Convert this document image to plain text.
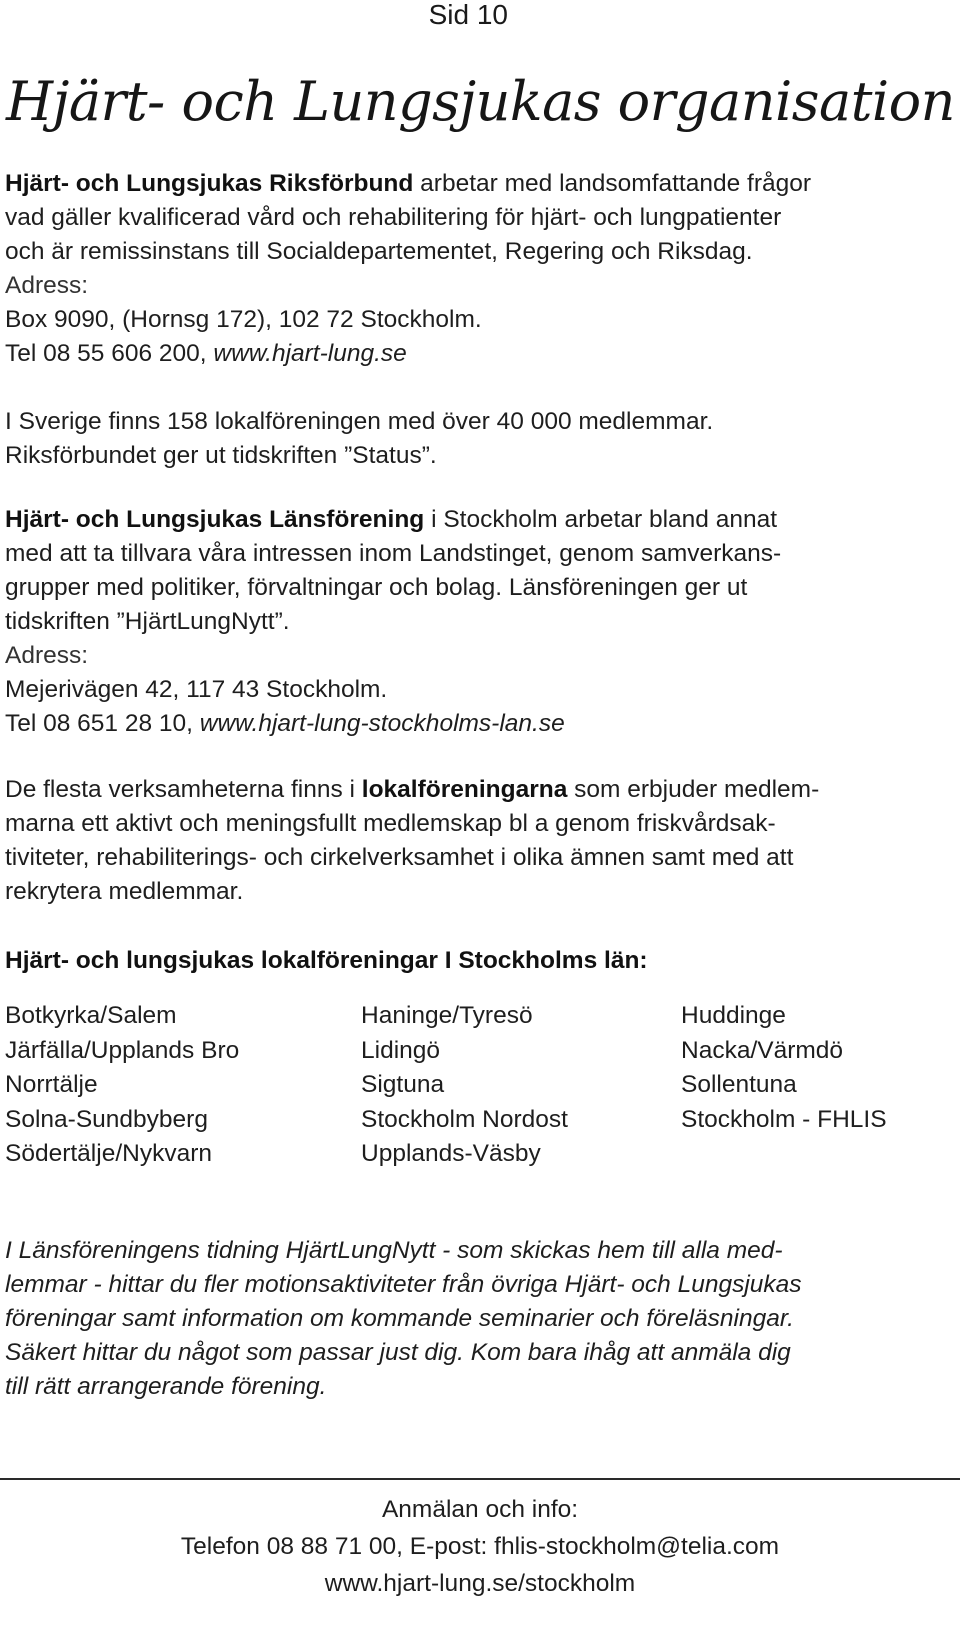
Sid 10
Hjärt- och Lungsjukas organisation
Hjärt- och Lungsjukas Riksförbund arbetar med landsomfattande frågor
vad gäller kvalificerad vård och rehabilitering för hjärt- och lungpatienter
och är remissinstans till Socialdepartementet, Regering och Riksdag.
Adress:
Box 9090, (Hornsg 172), 102 72 Stockholm.
Tel 08 55 606 200, www.hjart-lung.se
I Sverige finns 158 lokalföreningen med över 40 000 medlemmar.
Riksförbundet ger ut tidskriften ”Status”.
Hjärt- och Lungsjukas Länsförening i Stockholm arbetar bland annat
med att ta tillvara våra intressen inom Landstinget, genom samverkans-
grupper med politiker, förvaltningar och bolag. Länsföreningen ger ut
tidskriften ”HjärtLungNytt”.
Adress:
Mejerivägen 42, 117 43 Stockholm.
Tel 08 651 28 10, www.hjart-lung-stockholms-lan.se
De flesta verksamheterna finns i lokalföreningarna som erbjuder medlem-
marna ett aktivt och meningsfullt medlemskap bl a genom friskvårdsak-
tiviteter, rehabiliterings- och cirkelverksamhet i olika ämnen samt med att
rekrytera medlemmar.
Hjärt- och lungsjukas lokalföreningar I Stockholms län:
Botkyrka/Salem
Järfälla/Upplands Bro
Norrtälje
Solna-Sundbyberg
Södertälje/Nykvarn
Haninge/Tyresö
Lidingö
Sigtuna
Stockholm Nordost
Upplands-Väsby
Huddinge
Nacka/Värmdö
Sollentuna
Stockholm - FHLIS
I Länsföreningens tidning HjärtLungNytt - som skickas hem till alla med-
lemmar - hittar du fler motionsaktiviteter från övriga Hjärt- och Lungsjukas
föreningar samt information om kommande seminarier och föreläsningar.
Säkert hittar du något som passar just dig. Kom bara ihåg att anmäla dig
till rätt arrangerande förening.
Anmälan och info:
Telefon 08 88 71 00, E-post: fhlis-stockholm@telia.com
www.hjart-lung.se/stockholm
